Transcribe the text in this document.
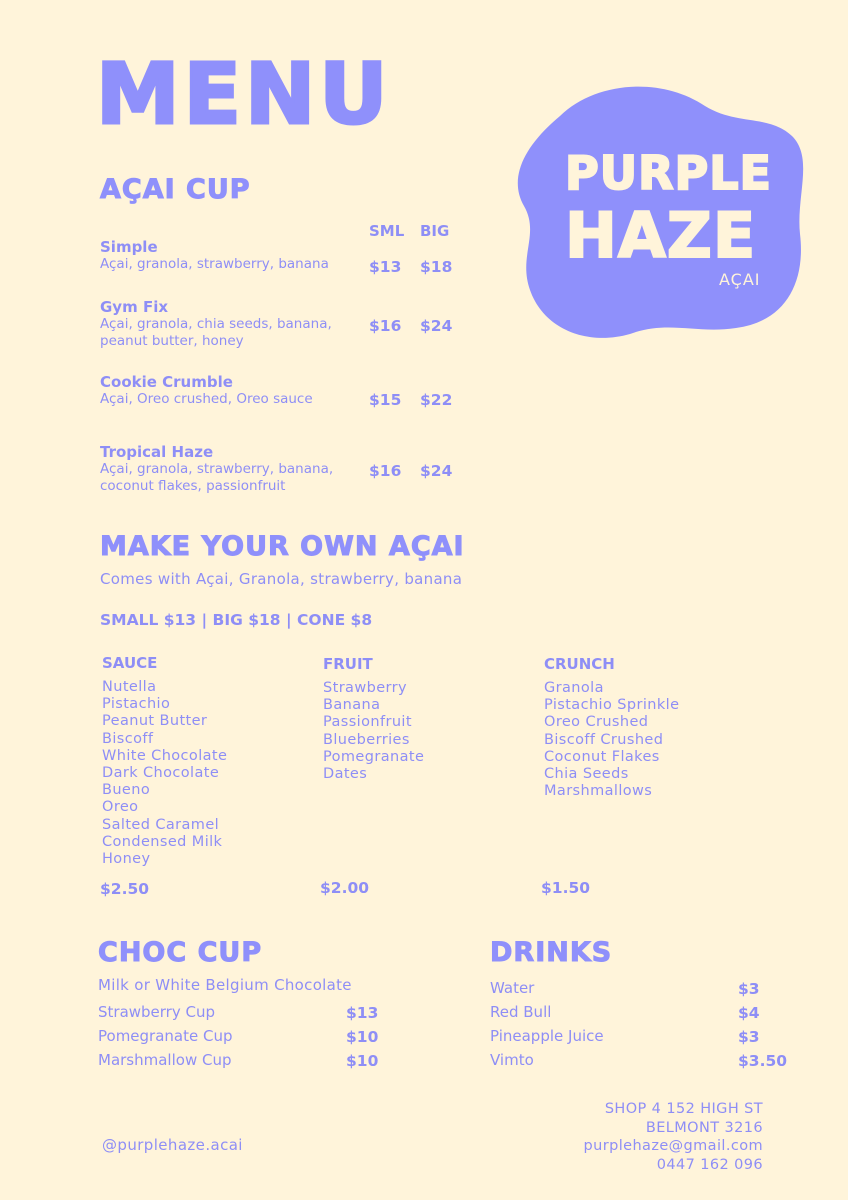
MENU
PURPLE
HAZE
AÇAI
AÇAI CUP
SML BIG
Simple
Açai, granola, strawberry, banana	$13 $18
Gym Fix
Açai, granola, chia seeds, banana, peanut butter, honey
$16 $24
Cookie Crumble
Açai, Oreo crushed, Oreo sauce	$15 $22
Tropical Haze
Açai, granola, strawberry, banana, coconut flakes, passionfruit
$16 $24
MAKE YOUR OWN AÇAI
Comes with Açai, Granola, strawberry, banana
SMALL $13 | BIG $18 | CONE $8
SAUCE
Nutella
Pistachio
Peanut Butter
Biscoff
White Chocolate
Dark Chocolate
Bueno
Oreo
Salted Caramel
Condensed Milk
Honey
$2.50
FRUIT
Strawberry
Banana
Passionfruit
Blueberries
Pomegranate
Dates
$2.00
CRUNCH
Granola
Pistachio Sprinkle
Oreo Crushed
Biscoff Crushed
Coconut Flakes
Chia Seeds
Marshmallows
$1.50
CHOC CUP
Milk or White Belgium Chocolate
Strawberry Cup	$13
Pomegranate Cup	$10
Marshmallow Cup	$10
DRINKS
Water	$3
Red Bull	$4
Pineapple Juice	$3
Vimto	$3.50
@purplehaze.acai
SHOP 4 152 HIGH ST
BELMONT 3216
purplehaze@gmail.com
0447 162 096
